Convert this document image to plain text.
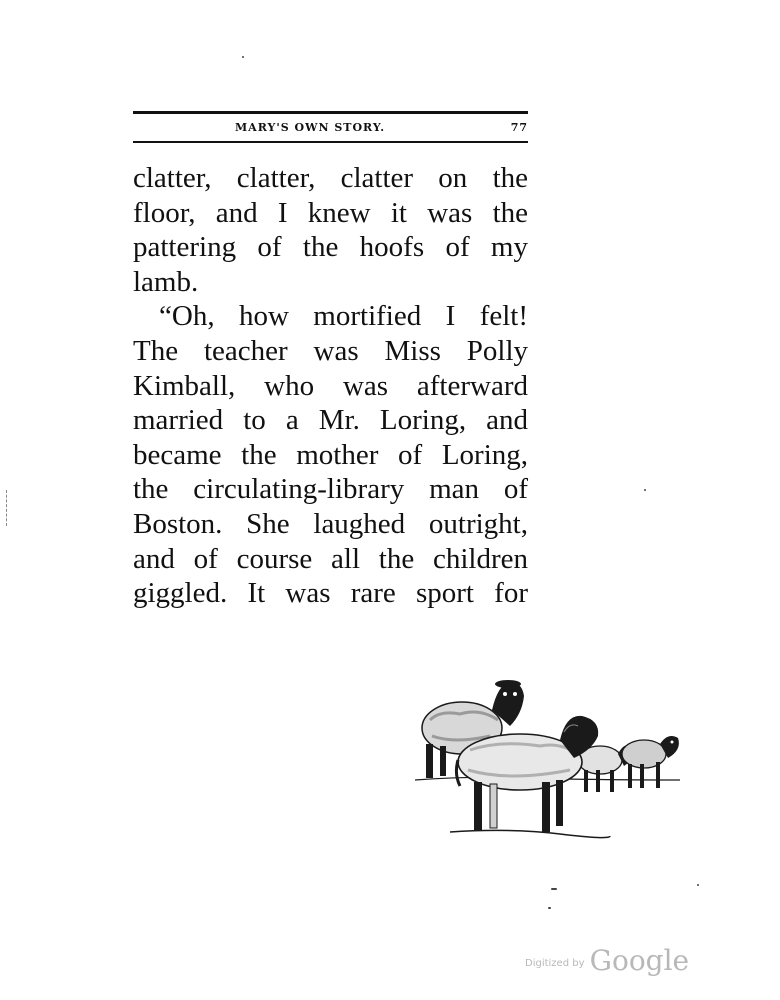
MARY'S OWN STORY.	77
clatter, clatter, clatter on the
floor, and I knew it was the
pattering of the hoofs of my
lamb.
“Oh, how mortified I felt!
The teacher was Miss Polly
Kimball, who was afterward
married to a Mr. Loring, and
became the mother of Loring,
the circulating-library man of
Boston. She laughed outright,
and of course all the children
giggled. It was rare sport for
$^{Digitized by}$ Google
